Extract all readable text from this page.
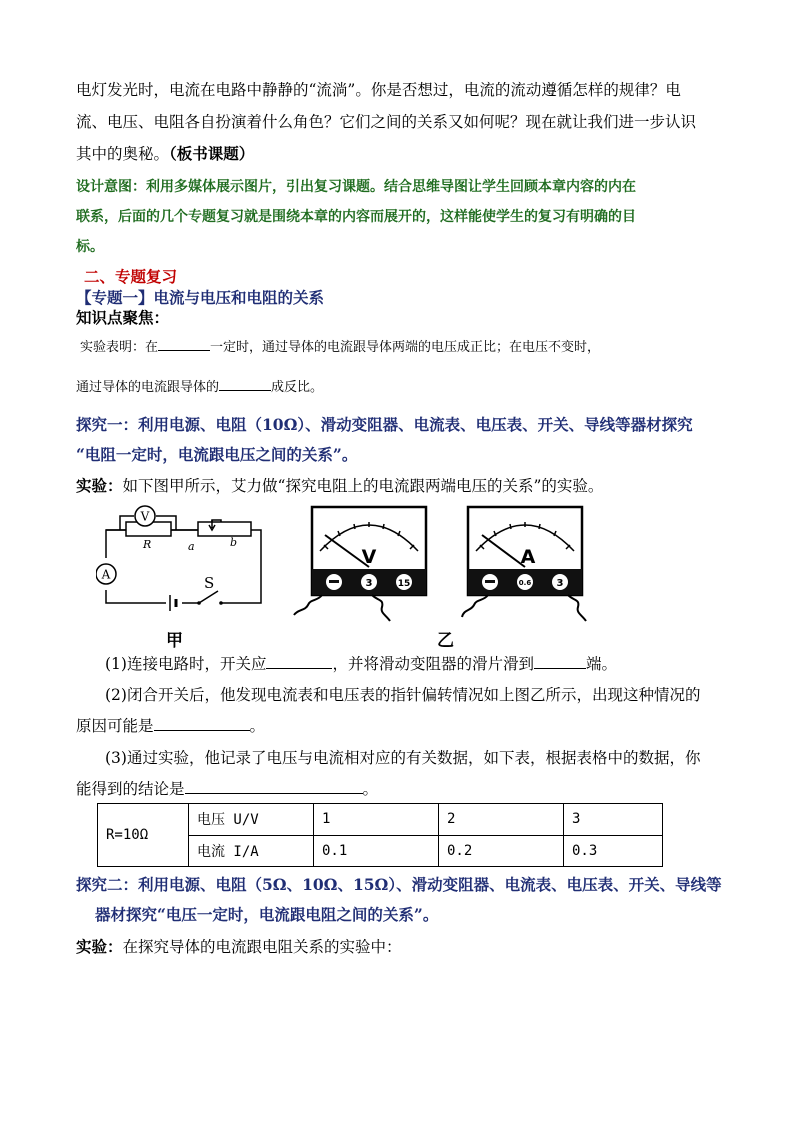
电灯发光时，电流在电路中静静的“流淌”。你是否想过，电流的流动遵循怎样的规律？电
流、电压、电阻各自扮演着什么角色？它们之间的关系又如何呢？现在就让我们进一步认识
其中的奥秘。（板书课题）
设计意图：利用多媒体展示图片，引出复习课题。结合思维导图让学生回顾本章内容的内在
联系，后面的几个专题复习就是围绕本章的内容而展开的，这样能使学生的复习有明确的目
标。
二、专题复习
【专题一】电流与电压和电阻的关系
知识点聚焦：
实验表明：在	一定时，通过导体的电流跟导体两端的电压成正比；在电压不变时，
通过导体的电流跟导体的	成反比。
探究一：利用电源、电阻（10Ω）、滑动变阻器、电流表、电压表、开关、导线等器材探究
“电阻一定时，电流跟电压之间的关系”。
实验：如下图甲所示，艾力做“探究电阻上的电流跟两端电压的关系”的实验。
V
A
R	a	b
S
甲
V
3	15
A
0.6	3
乙
(1)连接电路时，开关应	，并将滑动变阻器的滑片滑到	端。
(2)闭合开关后，他发现电流表和电压表的指针偏转情况如上图乙所示，出现这种情况的
原因可能是	。
(3)通过实验，他记录了电压与电流相对应的有关数据，如下表，根据表格中的数据，你
能得到的结论是	。
R=10Ω	电压 U/V	1	2	3
	电流 I/A	0.1	0.2	0.3
探究二：利用电源、电阻（5Ω、10Ω、15Ω）、滑动变阻器、电流表、电压表、开关、导线等
器材探究“电压一定时，电流跟电阻之间的关系”。
实验：在探究导体的电流跟电阻关系的实验中：
